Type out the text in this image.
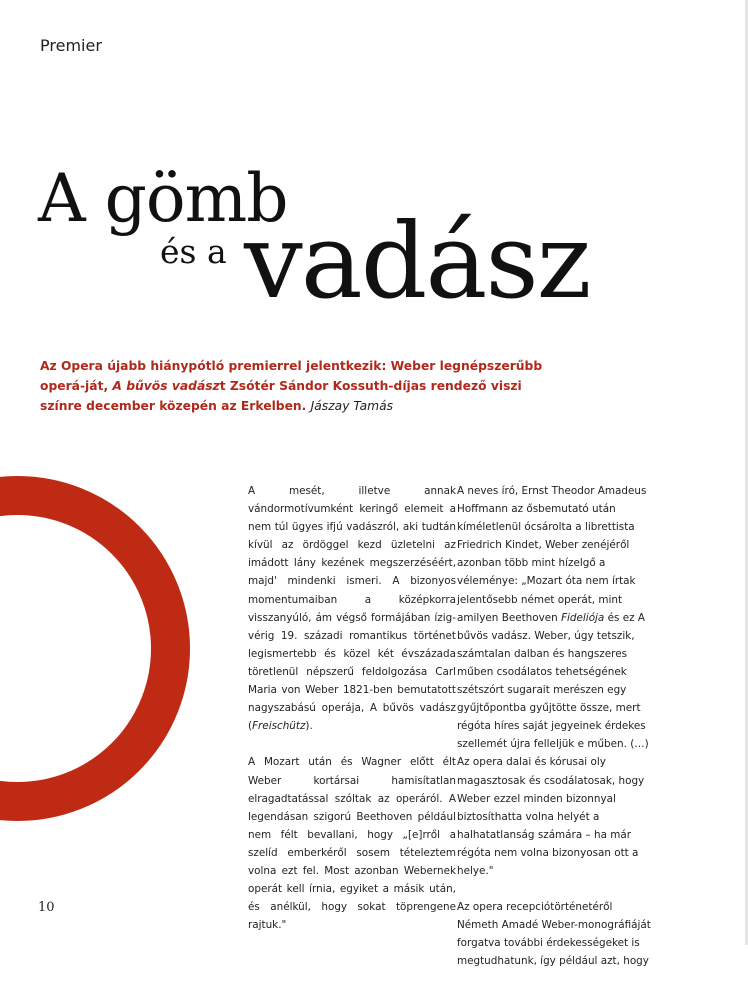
Premier
A gömb
és a vadász
Az Opera újabb hiánypótló premierrel jelentkezik: Weber legnépszerűbb operá-ját, A bűvös vadászt Zsótér Sándor Kossuth-díjas rendező viszi színre december közepén az Erkelben. Jászay Tamás

A mesét, illetve annak vándormotívumként keringő elemeit a nem túl ügyes ifjú vadászról, aki tudtán kívül az ördöggel kezd üzletelni az imádott lány kezének megszerzéséért, majd' mindenki ismeri. A bizonyos momentumaiban a középkorra visszanyúló, ám végső formájában ízig-vérig 19. századi romantikus történet legismertebb és közel két évszázada töretlenül népszerű feldolgozása Carl Maria von Weber 1821-ben bemutatott nagyszabású operája, A bűvös vadász (Freischütz).

A Mozart után és Wagner előtt élt Weber kortársai hamisítatlan elragadtatással szóltak az operáról. A legendásan szigorú Beethoven például nem félt bevallani, hogy „[e]rről a szelíd emberkéről sosem tételeztem volna ezt fel. Most azonban Webernek operát kell írnia, egyiket a másik után, és anélkül, hogy sokat töprengene rajtuk."

A neves író, Ernst Theodor Amadeus Hoffmann az ősbemutató után kíméletlenül ócsárolta a librettista Friedrich Kindet, Weber zenéjéről azonban több mint hízelgő a véleménye: „Mozart óta nem írtak jelentősebb német operát, mint amilyen Beethoven Fideliója és ez A bűvös vadász. Weber, úgy tetszik, számtalan dalban és hangszeres műben csodálatos tehetségének szétszórt sugarait merészen egy gyűjtőpontba gyűjtötte össze, mert régóta híres saját jegyeinek érdekes szellemét újra felleljük e műben. (…) Az opera dalai és kórusai oly magasztosak és csodálatosak, hogy Weber ezzel minden bizonnyal biztosíthatta volna helyét a halhatatlanság számára – ha már régóta nem volna bizonyosan ott a helye."

Az opera recepciótörténetéről Németh Amadé Weber-monográfiáját forgatva további érdekességeket is megtudhatunk, így például azt, hogy

10
